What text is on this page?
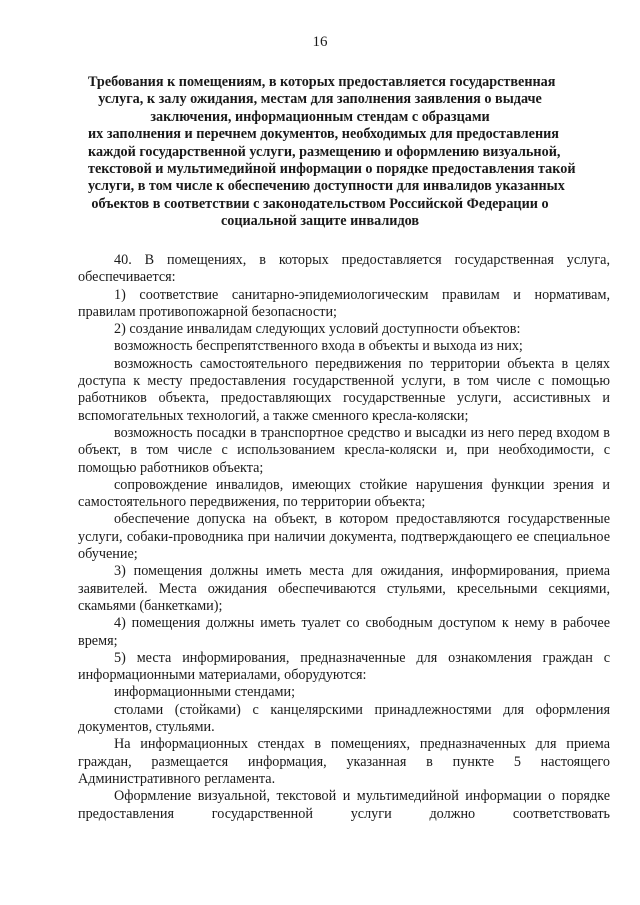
16
Требования к помещениям, в которых предоставляется государственная
услуга, к залу ожидания, местам для заполнения заявления о выдаче
заключения, информационным стендам с образцами
их заполнения и перечнем документов, необходимых для предоставления
каждой государственной услуги, размещению и оформлению визуальной,
текстовой и мультимедийной информации о порядке предоставления такой
услуги, в том числе к обеспечению доступности для инвалидов указанных
объектов в соответствии с законодательством Российской Федерации о
социальной защите инвалидов

40. В помещениях, в которых предоставляется государственная услуга, обеспечивается:

1) соответствие санитарно-эпидемиологическим правилам и нормативам, правилам противопожарной безопасности;

2) создание инвалидам следующих условий доступности объектов:

возможность беспрепятственного входа в объекты и выхода из них;

возможность самостоятельного передвижения по территории объекта в целях доступа к месту предоставления государственной услуги, в том числе с помощью работников объекта, предоставляющих государственные услуги, ассистивных и вспомогательных технологий, а также сменного кресла-коляски;

возможность посадки в транспортное средство и высадки из него перед входом в объект, в том числе с использованием кресла-коляски и, при необходимости, с помощью работников объекта;

сопровождение инвалидов, имеющих стойкие нарушения функции зрения и самостоятельного передвижения, по территории объекта;

обеспечение допуска на объект, в котором предоставляются государственные услуги, собаки-проводника при наличии документа, подтверждающего ее специальное обучение;

3) помещения должны иметь места для ожидания, информирования, приема заявителей. Места ожидания обеспечиваются стульями, кресельными секциями, скамьями (банкетками);

4) помещения должны иметь туалет со свободным доступом к нему в рабочее время;

5) места информирования, предназначенные для ознакомления граждан с информационными материалами, оборудуются:

информационными стендами;

столами (стойками) с канцелярскими принадлежностями для оформления документов, стульями.

На информационных стендах в помещениях, предназначенных для приема граждан, размещается информация, указанная в пункте 5 настоящего Административного регламента.

Оформление визуальной, текстовой и мультимедийной информации о порядке предоставления государственной услуги должно соответствовать
